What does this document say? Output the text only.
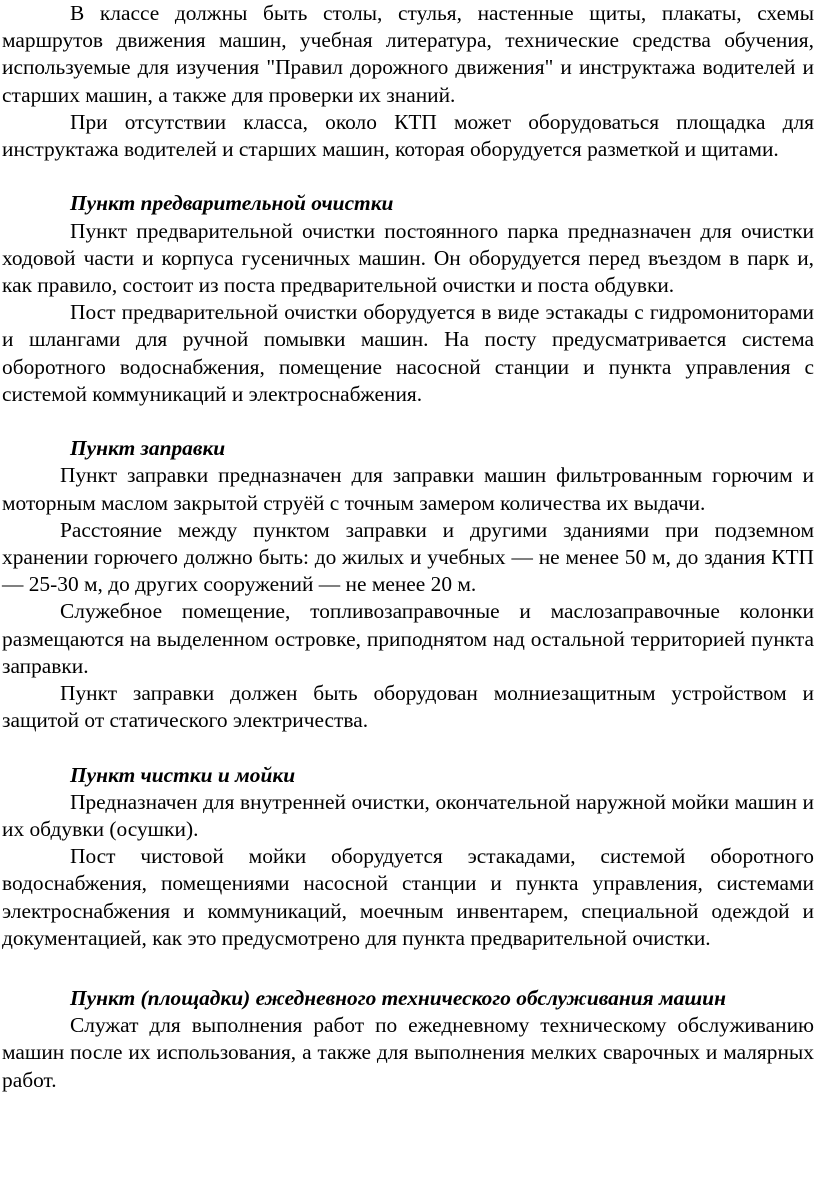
В классе должны быть столы, стулья, настенные щиты, плакаты, схемы маршрутов движения машин, учебная литература, технические средства обучения, используемые для изучения "Правил дорожного движения" и инструктажа водителей и старших машин, а также для проверки их знаний.

При отсутствии класса, около КТП может оборудоваться площадка для инструктажа водителей и старших машин, которая оборудуется разметкой и щитами.

Пункт предварительной очистки

Пункт предварительной очистки постоянного парка предназначен для очистки ходовой части и корпуса гусеничных машин. Он оборудуется перед въездом в парк и, как правило, состоит из поста предварительной очистки и поста обдувки.

Пост предварительной очистки оборудуется в виде эстакады с гидромониторами и шлангами для ручной помывки машин. На посту предусматривается система оборотного водоснабжения, помещение насосной станции и пункта управления с системой коммуникаций и электроснабжения.

Пункт заправки

Пункт заправки предназначен для заправки машин фильтрованным горючим и моторным маслом закрытой струёй с точным замером количества их выдачи.

Расстояние между пунктом заправки и другими зданиями при подземном хранении горючего должно быть: до жилых и учебных — не менее 50 м, до здания КТП — 25-30 м, до других сооружений — не менее 20 м.

Служебное помещение, топливозаправочные и маслозаправочные колонки размещаются на выделенном островке, приподнятом над остальной территорией пункта заправки.

Пункт заправки должен быть оборудован молниезащитным устройством и защитой от статического электричества.

Пункт чистки и мойки

Предназначен для внутренней очистки, окончательной наружной мойки машин и их обдувки (осушки).

Пост чистовой мойки оборудуется эстакадами, системой оборотного водоснабжения, помещениями насосной станции и пункта управления, системами электроснабжения и коммуникаций, моечным инвентарем, специальной одеждой и документацией, как это предусмотрено для пункта предварительной очистки.

Пункт (площадки) ежедневного технического обслуживания машин

Служат для выполнения работ по ежедневному техническому обслуживанию машин после их использования, а также для выполнения мелких сварочных и малярных работ.
